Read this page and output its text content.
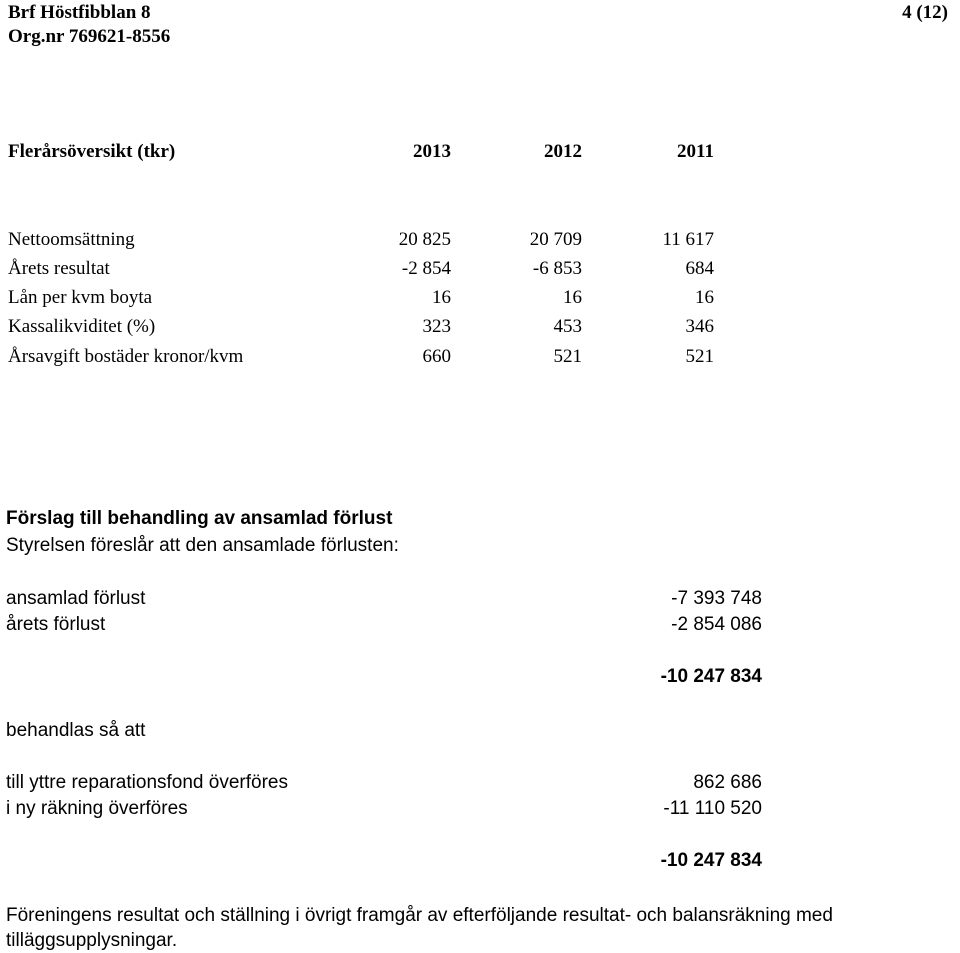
Brf Höstfibblan 8
Org.nr 769621-8556
4 (12)
Flerårsöversikt (tkr)	2013	2012	2011
Nettoomsättning	20 825	20 709	11 617
Årets resultat	-2 854	-6 853	684
Lån per kvm boyta	16	16	16
Kassalikviditet (%)	323	453	346
Årsavgift bostäder kronor/kvm	660	521	521
Förslag till behandling av ansamlad förlust
Styrelsen föreslår att den ansamlade förlusten:
ansamlad förlust	-7 393 748
årets förlust	-2 854 086
-10 247 834
behandlas så att
till yttre reparationsfond överföres	862 686
i ny räkning överföres	-11 110 520
-10 247 834
Föreningens resultat och ställning i övrigt framgår av efterföljande resultat- och balansräkning med tilläggsupplysningar.
